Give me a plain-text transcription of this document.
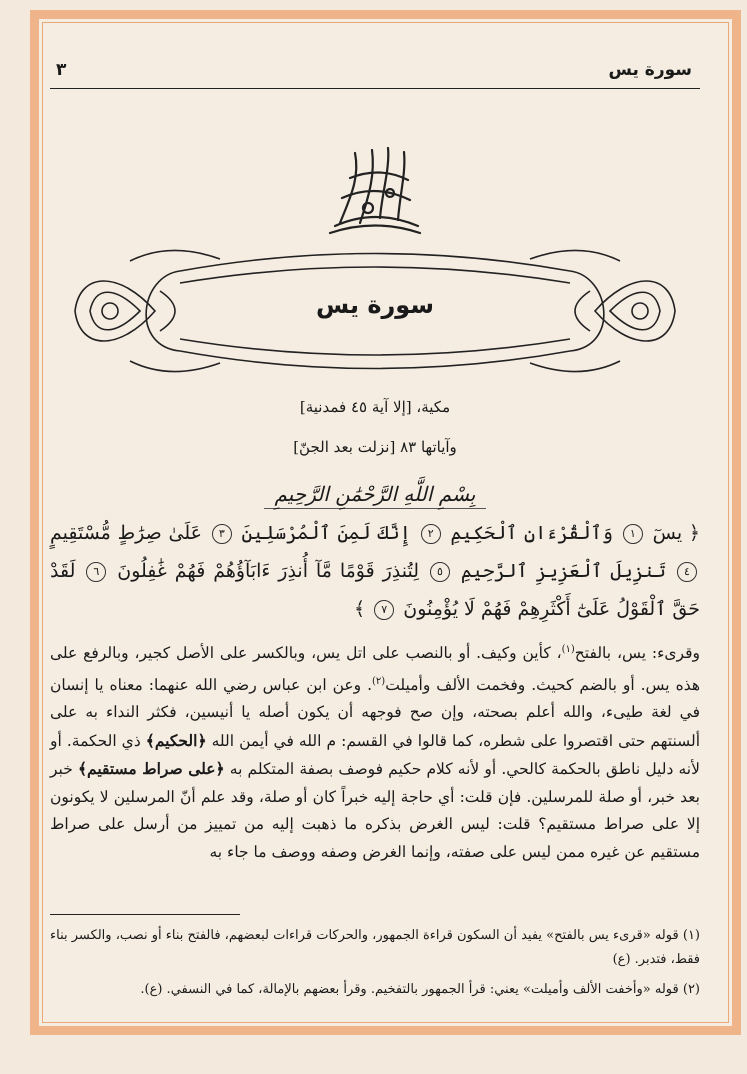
سورة يس
٣
سورة يس
مكية، [إلا آية ٤٥ فمدنية]
وآياتها ٨٣ [نزلت بعد الجنّ]
بِسْمِ اللَّهِ الرَّحْمَٰنِ الرَّحِيمِ
﴿ يسٓ ١ وَٱلْقُرْءَانِ ٱلْحَكِيمِ ٢ إِنَّكَ لَمِنَ ٱلْمُرْسَلِينَ ٣ عَلَىٰ صِرَٰطٍ مُّسْتَقِيمٍ ٤ تَنزِيلَ ٱلْعَزِيزِ ٱلرَّحِيمِ ٥ لِتُنذِرَ قَوْمًا مَّآ أُنذِرَ ءَابَآؤُهُمْ فَهُمْ غَٰفِلُونَ ٦ لَقَدْ حَقَّ ٱلْقَوْلُ عَلَىٰٓ أَكْثَرِهِمْ فَهُمْ لَا يُؤْمِنُونَ ٧ ﴾

وقرىء: يس، بالفتح$^{(١)}$، كأين وكيف. أو بالنصب على اتل يس، وبالكسر على الأصل كجير، وبالرفع على هذه يس. أو بالضم كحيث. وفخمت الألف وأميلت$^{(٢)}$. وعن ابن عباس رضي الله عنهما: معناه يا إنسان في لغة طيىء، والله أعلم بصحته، وإن صح فوجهه أن يكون أصله يا أنيسين، فكثر النداء به على ألسنتهم حتى اقتصروا على شطره، كما قالوا في القسم: م الله في أيمن الله ﴿الحكيم﴾ ذي الحكمة. أو لأنه دليل ناطق بالحكمة كالحي. أو لأنه كلام حكيم فوصف بصفة المتكلم به ﴿على صراط مستقيم﴾ خبر بعد خبر، أو صلة للمرسلين. فإن قلت: أي حاجة إليه خبراً كان أو صلة، وقد علم أنّ المرسلين لا يكونون إلا على صراط مستقيم؟ قلت: ليس الغرض بذكره ما ذهبت إليه من تمييز من أرسل على صراط مستقيم عن غيره ممن ليس على صفته، وإنما الغرض وصفه ووصف ما جاء به

(١) قوله «قرىء يس بالفتح» يفيد أن السكون قراءة الجمهور، والحركات قراءات لبعضهم، فالفتح بناء أو نصب، والكسر بناء فقط، فتدبر. (ع)

(٢) قوله «وأخفت الألف وأميلت» يعني: قرأ الجمهور بالتفخيم. وقرأ بعضهم بالإمالة، كما في النسفي. (ع).
